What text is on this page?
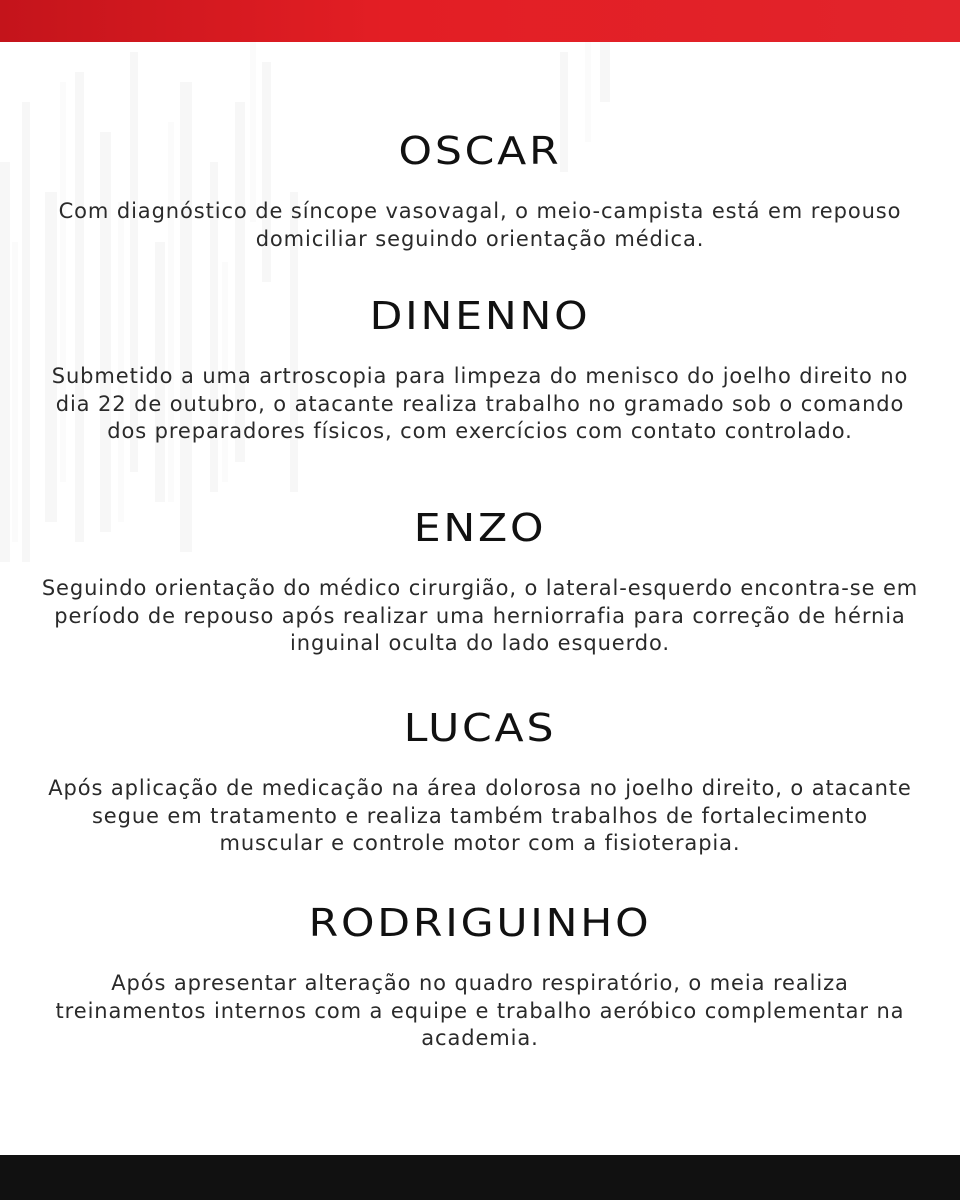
OSCAR

Com diagnóstico de síncope vasovagal, o meio-campista está em repouso domiciliar seguindo orientação médica.

DINENNO

Submetido a uma artroscopia para limpeza do menisco do joelho direito no dia 22 de outubro, o atacante realiza trabalho no gramado sob o comando dos preparadores físicos, com exercícios com contato controlado.

ENZO

Seguindo orientação do médico cirurgião, o lateral-esquerdo encontra-se em período de repouso após realizar uma herniorrafia para correção de hérnia inguinal oculta do lado esquerdo.

LUCAS

Após aplicação de medicação na área dolorosa no joelho direito, o atacante segue em tratamento e realiza também trabalhos de fortalecimento muscular e controle motor com a fisioterapia.

RODRIGUINHO

Após apresentar alteração no quadro respiratório, o meia realiza treinamentos internos com a equipe e trabalho aeróbico complementar na academia.
